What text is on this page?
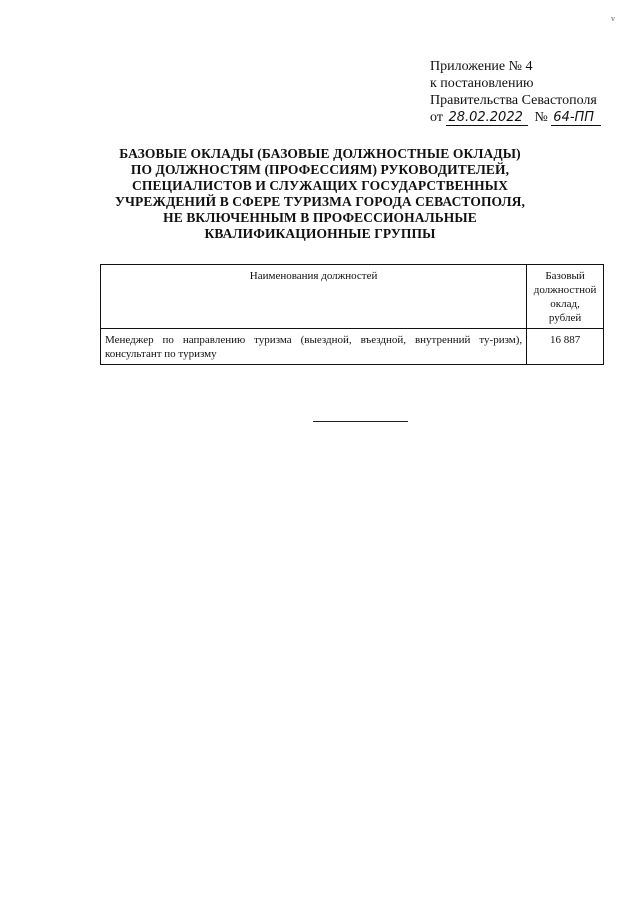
v
Приложение № 4
к постановлению
Правительства Севастополя
от 28.02.2022 № 64-ПП
БАЗОВЫЕ ОКЛАДЫ (БАЗОВЫЕ ДОЛЖНОСТНЫЕ ОКЛАДЫ)
ПО ДОЛЖНОСТЯМ (ПРОФЕССИЯМ) РУКОВОДИТЕЛЕЙ,
СПЕЦИАЛИСТОВ И СЛУЖАЩИХ ГОСУДАРСТВЕННЫХ
УЧРЕЖДЕНИЙ В СФЕРЕ ТУРИЗМА ГОРОДА СЕВАСТОПОЛЯ,
НЕ ВКЛЮЧЕННЫМ В ПРОФЕССИОНАЛЬНЫЕ
КВАЛИФИКАЦИОННЫЕ ГРУППЫ
Наименования должностей	Базовый
должностной
оклад,
рублей

Менеджер по направлению туризма (выездной, въездной, внутренний ту-ризм), консультант по туризму	16 887
